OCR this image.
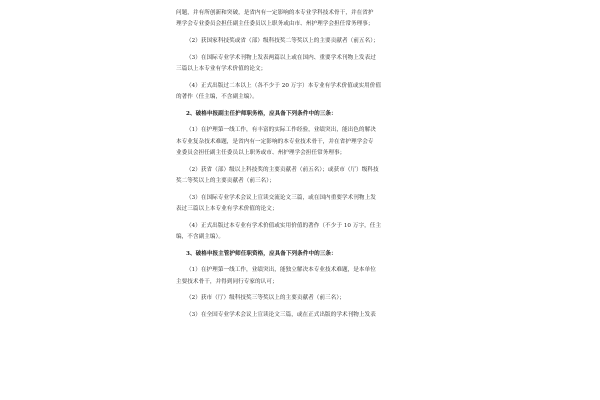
问题，并有所创新和突破，是省内有一定影响的本专业学科技术骨干，并在省护
理学会专业委员会担任副主任委员以上职务或由市、州护理学会担任常务理事；
（2）获国家科技奖或省（部）级科技奖二等奖以上的主要贡献者（前五名）；
（3）在国际专业学术刊物上发表两篇以上或在国内、重要学术刊物上发表过
三篇以上本专业有学术价值的论文；
（4）正式出版过二本以上（各不少于 20 万字）本专业有学术价值或实用价值
的著作（任主编，不含副主编）。
2、破格申报副主任护师职务格，应具备下列条件中的三条：
（1）在护理第一线工作，有丰富的实际工作经验，业绩突出，能出色的解决
本专业复杂技术难题，是省内有一定影响的本专业技术骨干，并在省护理学会专
业委员会担任副主任委员以上职务或市、州护理学会担任常务理事；
（2）获省（部）级以上科技奖的主要贡献者（前五名）；或获市（厅）级科技
奖二等奖以上的主要贡献者（前三名）；
（3）在国际专业学术会议上宣读交流论文三篇，或在国内重要学术刊物上发
表过三篇以上本专业有学术价值的论文；
（4）正式出版过本专业有学术价值或实用价值的著作（不少于 10 万字，任主
编，不含副主编）。
3、破格申报主管护师任职资格，应具备下列条件中的三条：
（1）在护理第一线工作，业绩突出，能独立解决本专业技术难题，是本单位
主要技术骨干，并得到同行专家的认可；
（2）获市（厅）级科技奖三等奖以上的主要贡献者（前三名）；
（3）在全国专业学术会议上宣读论文三篇，或在正式出版的学术刊物上发表
